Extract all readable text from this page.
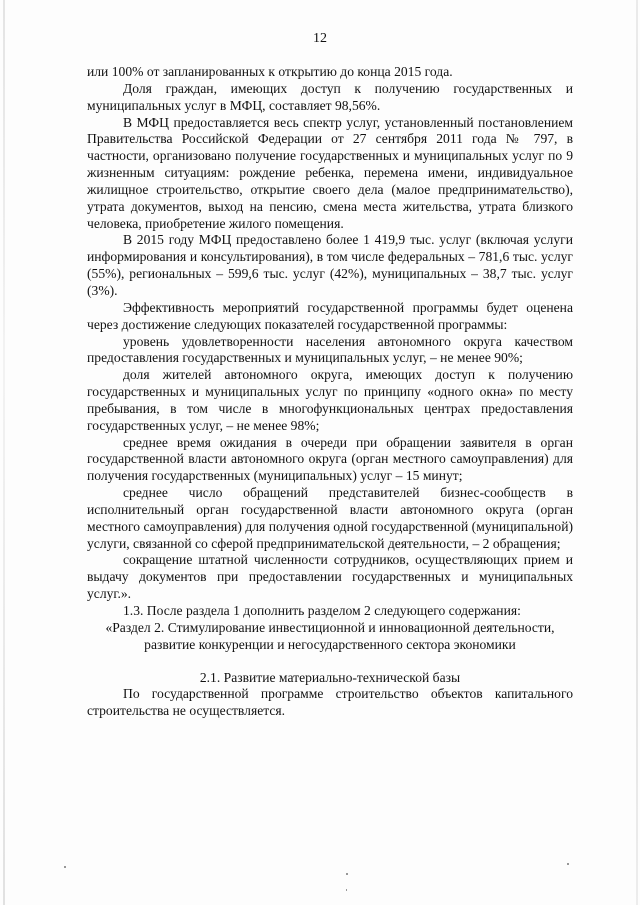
12

или 100% от запланированных к открытию до конца 2015 года.

Доля граждан, имеющих доступ к получению государственных и муниципальных услуг в МФЦ, составляет 98,56%.

В МФЦ предоставляется весь спектр услуг, установленный постановлением Правительства Российской Федерации от 27 сентября 2011 года № 797, в частности, организовано получение государственных и муниципальных услуг по 9 жизненным ситуациям: рождение ребенка, перемена имени, индивидуальное жилищное строительство, открытие своего дела (малое предпринимательство), утрата документов, выход на пенсию, смена места жительства, утрата близкого человека, приобретение жилого помещения.

В 2015 году МФЦ предоставлено более 1 419,9 тыс. услуг (включая услуги информирования и консультирования), в том числе федеральных – 781,6 тыс. услуг (55%), региональных – 599,6 тыс. услуг (42%), муниципальных – 38,7 тыс. услуг (3%).

Эффективность мероприятий государственной программы будет оценена через достижение следующих показателей государственной программы:

уровень удовлетворенности населения автономного округа качеством предоставления государственных и муниципальных услуг, – не менее 90%;

доля жителей автономного округа, имеющих доступ к получению государственных и муниципальных услуг по принципу «одного окна» по месту пребывания, в том числе в многофункциональных центрах предоставления государственных услуг, – не менее 98%;

среднее время ожидания в очереди при обращении заявителя в орган государственной власти автономного округа (орган местного самоуправления) для получения государственных (муниципальных) услуг – 15 минут;

среднее число обращений представителей бизнес-сообществ в исполнительный орган государственной власти автономного округа (орган местного самоуправления) для получения одной государственной (муниципальной) услуги, связанной со сферой предпринимательской деятельности, – 2 обращения;

сокращение штатной численности сотрудников, осуществляющих прием и выдачу документов при предоставлении государственных и муниципальных услуг.».

1.3. После раздела 1 дополнить разделом 2 следующего содержания:

«Раздел 2. Стимулирование инвестиционной и инновационной деятельности, развитие конкуренции и негосударственного сектора экономики

2.1. Развитие материально-технической базы

По государственной программе строительство объектов капитального строительства не осуществляется.
